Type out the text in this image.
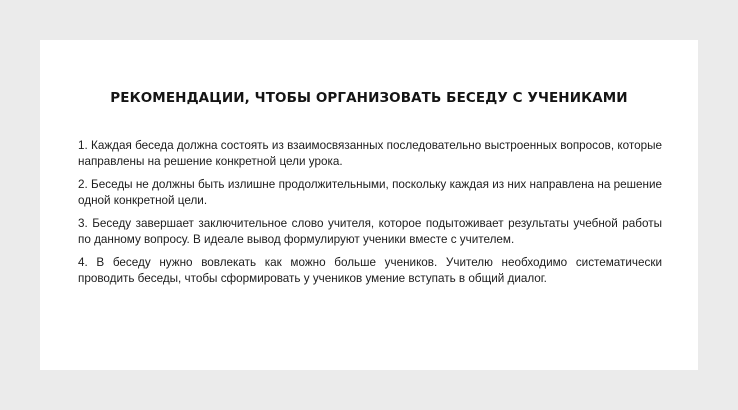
РЕКОМЕНДАЦИИ, ЧТОБЫ ОРГАНИЗОВАТЬ БЕСЕДУ С УЧЕНИКАМИ
1. Каждая беседа должна состоять из взаимосвязанных последовательно выстроенных вопросов, которые направлены на решение конкретной цели урока.
2. Беседы не должны быть излишне продолжительными, поскольку каждая из них направлена на решение одной конкретной цели.
3. Беседу завершает заключительное слово учителя, которое подытоживает результаты учебной работы по данному вопросу. В идеале вывод формулируют ученики вместе с учителем.
4. В беседу нужно вовлекать как можно больше учеников. Учителю необходимо систематически проводить беседы, чтобы сформировать у учеников умение вступать в общий диалог.
